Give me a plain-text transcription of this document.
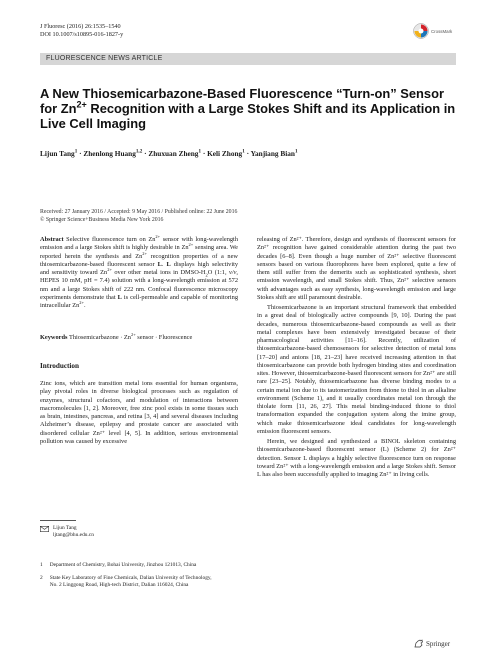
J Fluoresc (2016) 26:1535–1540
DOI 10.1007/s10895-016-1827-y	CrossMark
FLUORESCENCE NEWS ARTICLE
A New Thiosemicarbazone-Based Fluorescence “Turn-on” Sensor for $Zn^{2+}$ Recognition with a Large Stokes Shift and its Application in Live Cell Imaging
Lijun Tang$^1$ · Zhenlong Huang$^{1,2}$ · Zhuxuan Zheng$^1$ · Keli Zhong$^1$ · Yanjiang Bian$^1$
Received: 27 January 2016 / Accepted: 9 May 2016 / Published online: 22 June 2016
© Springer Science+Business Media New York 2016
Abstract Selective fluorescence turn on $Zn^{2+}$ sensor with long-wavelength emission and a large Stokes shift is highly desirable in $Zn^{2+}$ sensing area. We reported herein the synthesis and $Zn^{2+}$ recognition properties of a new thiosemicarbazone-based fluorescent sensor L. L displays high selectivity and sensitivity toward $Zn^{2+}$ over other metal ions in DMSO-$H_2O$ (1:1, v/v, HEPES 10 mM, pH = 7.4) solution with a long-wavelength emission at 572 nm and a large Stokes shift of 222 nm. Confocal fluorescence microscopy experiments demonstrate that L is cell-permeable and capable of monitoring intracellular $Zn^{2+}$.
Keywords Thiosemicarbazone · $Zn^{2+}$ sensor · Fluorescence
Introduction
Zinc ions, which are transition metal ions essential for human organisms, play pivotal roles in diverse biological processes such as regulation of enzymes, structural cofactors, and modulation of interactions between macromolecules [1, 2]. Moreover, free zinc pool exists in some tissues such as brain, intestines, pancreas, and retina [3, 4] and several diseases including Alzheimer’s disease, epilepsy and prostate cancer are associated with disordered cellular Zn²⁺ level [4, 5]. In addition, serious environmental pollution was caused by excessive
Lijun Tang
ljtang@bhu.edu.cn
1 Department of Chemistry, Bohai University, Jinzhou 121013, China
2 State Key Laboratory of Fine Chemicals, Dalian University of Technology, No. 2 Linggong Road, High-tech District, Dalian 116024, China

releasing of Zn²⁺. Therefore, design and synthesis of fluorescent sensors for Zn²⁺ recognition have gained considerable attention during the past two decades [6–8]. Even though a huge number of Zn²⁺ selective fluorescent sensors based on various fluorophores have been explored, quite a few of them still suffer from the demerits such as sophisticated synthesis, short emission wavelength, and small Stokes shift. Thus, Zn²⁺ selective sensors with advantages such as easy synthesis, long-wavelength emission and large Stokes shift are still paramount desirable.

Thiosemicarbazone is an important structural framework that embedded in a great deal of biologically active compounds [9, 10]. During the past decades, numerous thiosemicarbazone-based compounds as well as their metal complexes have been extensively investigated because of their pharmacological activities [11–16]. Recently, utilization of thiosemicarbazone-based chemosensors for selective detection of metal ions [17–20] and anions [18, 21–23] have received increasing attention in that thiosemicarbazone can provide both hydrogen binding sites and coordination sites. However, thiosemicarbazone-based fluorescent sensors for Zn²⁺ are still rare [23–25]. Notably, thiosemicarbazone has diverse binding modes to a certain metal ion due to its tautomerization from thione to thiol in an alkaline environment (Scheme 1), and it usually coordinates metal ion through the thiolate form [11, 26, 27]. This metal binding-induced thione to thiol transformation expanded the conjugation system along the imine group, which make thiosemicarbazone ideal candidates for long-wavelength emission fluorescent sensors.

Herein, we designed and synthesized a BINOL skeleton containing thiosemicarbazone-based fluorescent sensor (L) (Scheme 2) for Zn²⁺ detection. Sensor L displays a highly selective fluorescence turn on response toward Zn²⁺ with a long-wavelength emission and a large Stokes shift. Sensor L has also been successfully applied to imaging Zn²⁺ in living cells.

Springer
